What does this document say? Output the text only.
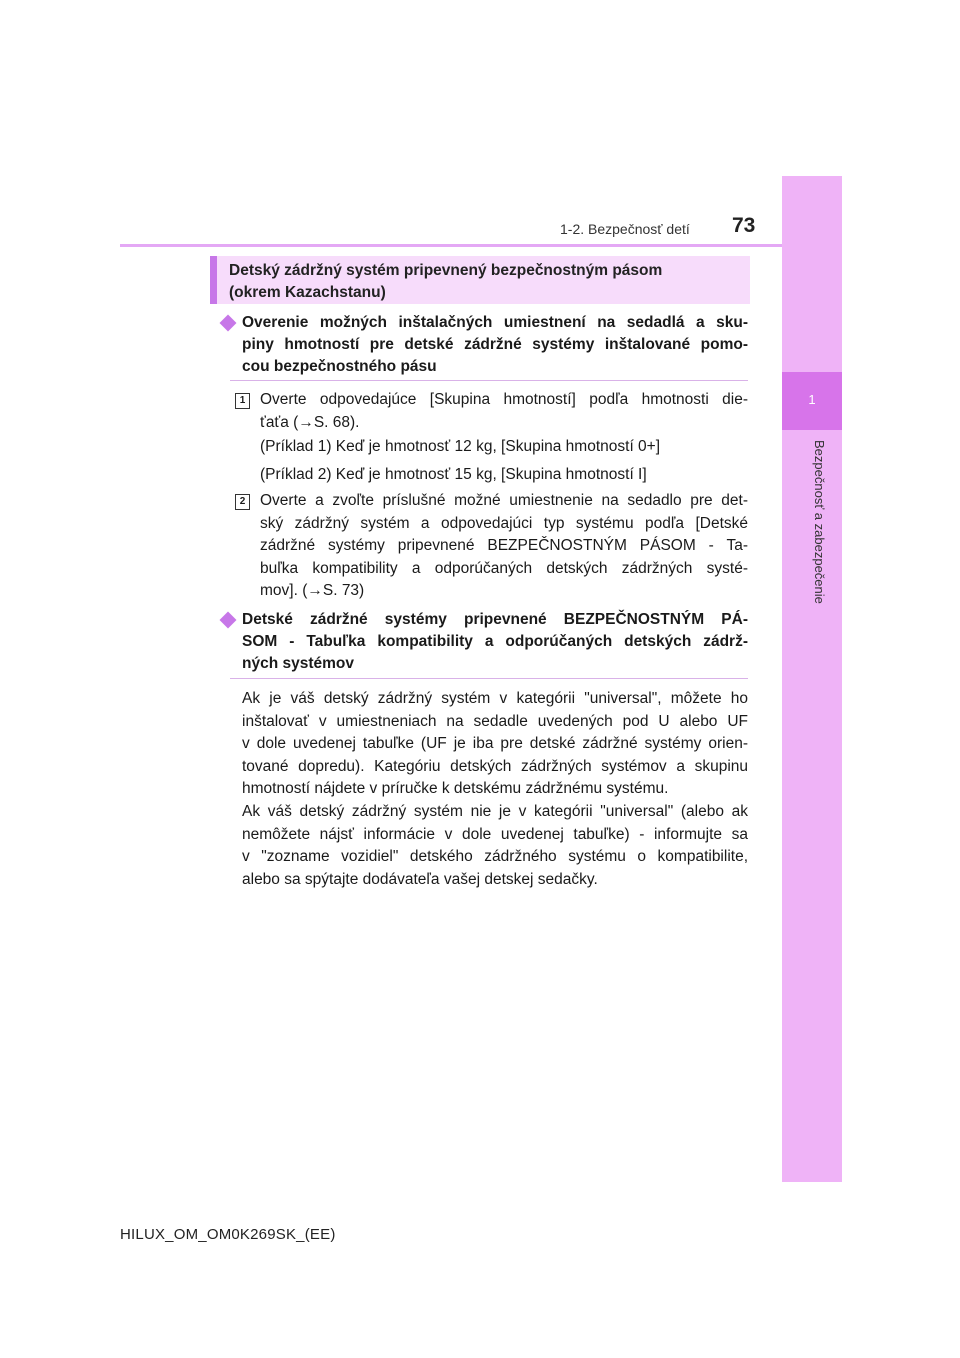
1-2. Bezpečnosť detí 73
1
Bezpečnosť a zabezpečenie
Detský zádržný systém pripevnený bezpečnostným pásom
(okrem Kazachstanu)
Overenie možných inštalačných umiestnení na sedadlá a sku-
piny hmotností pre detské zádržné systémy inštalované pomo-
cou bezpečnostného pásu
1 Overte odpovedajúce [Skupina hmotností] podľa hmotnosti die-
ťaťa (→S. 68).
(Príklad 1) Keď je hmotnosť 12 kg, [Skupina hmotností 0+]
(Príklad 2) Keď je hmotnosť 15 kg, [Skupina hmotností I]
2 Overte a zvoľte príslušné možné umiestnenie na sedadlo pre det-
ský zádržný systém a odpovedajúci typ systému podľa [Detské
zádržné systémy pripevnené BEZPEČNOSTNÝM PÁSOM - Ta-
buľka kompatibility a odporúčaných detských zádržných systé-
mov]. (→S. 73)
Detské zádržné systémy pripevnené BEZPEČNOSTNÝM PÁ-
SOM - Tabuľka kompatibility a odporúčaných detských zádrž-
ných systémov
Ak je váš detský zádržný systém v kategórii "universal", môžete ho
inštalovať v umiestneniach na sedadle uvedených pod U alebo UF
v dole uvedenej tabuľke (UF je iba pre detské zádržné systémy orien-
tované dopredu). Kategóriu detských zádržných systémov a skupinu
hmotností nájdete v príručke k detskému zádržnému systému.
Ak váš detský zádržný systém nie je v kategórii "universal" (alebo ak
nemôžete nájsť informácie v dole uvedenej tabuľke) - informujte sa
v "zozname vozidiel" detského zádržného systému o kompatibilite,
alebo sa spýtajte dodávateľa vašej detskej sedačky.
HILUX_OM_OM0K269SK_(EE)
